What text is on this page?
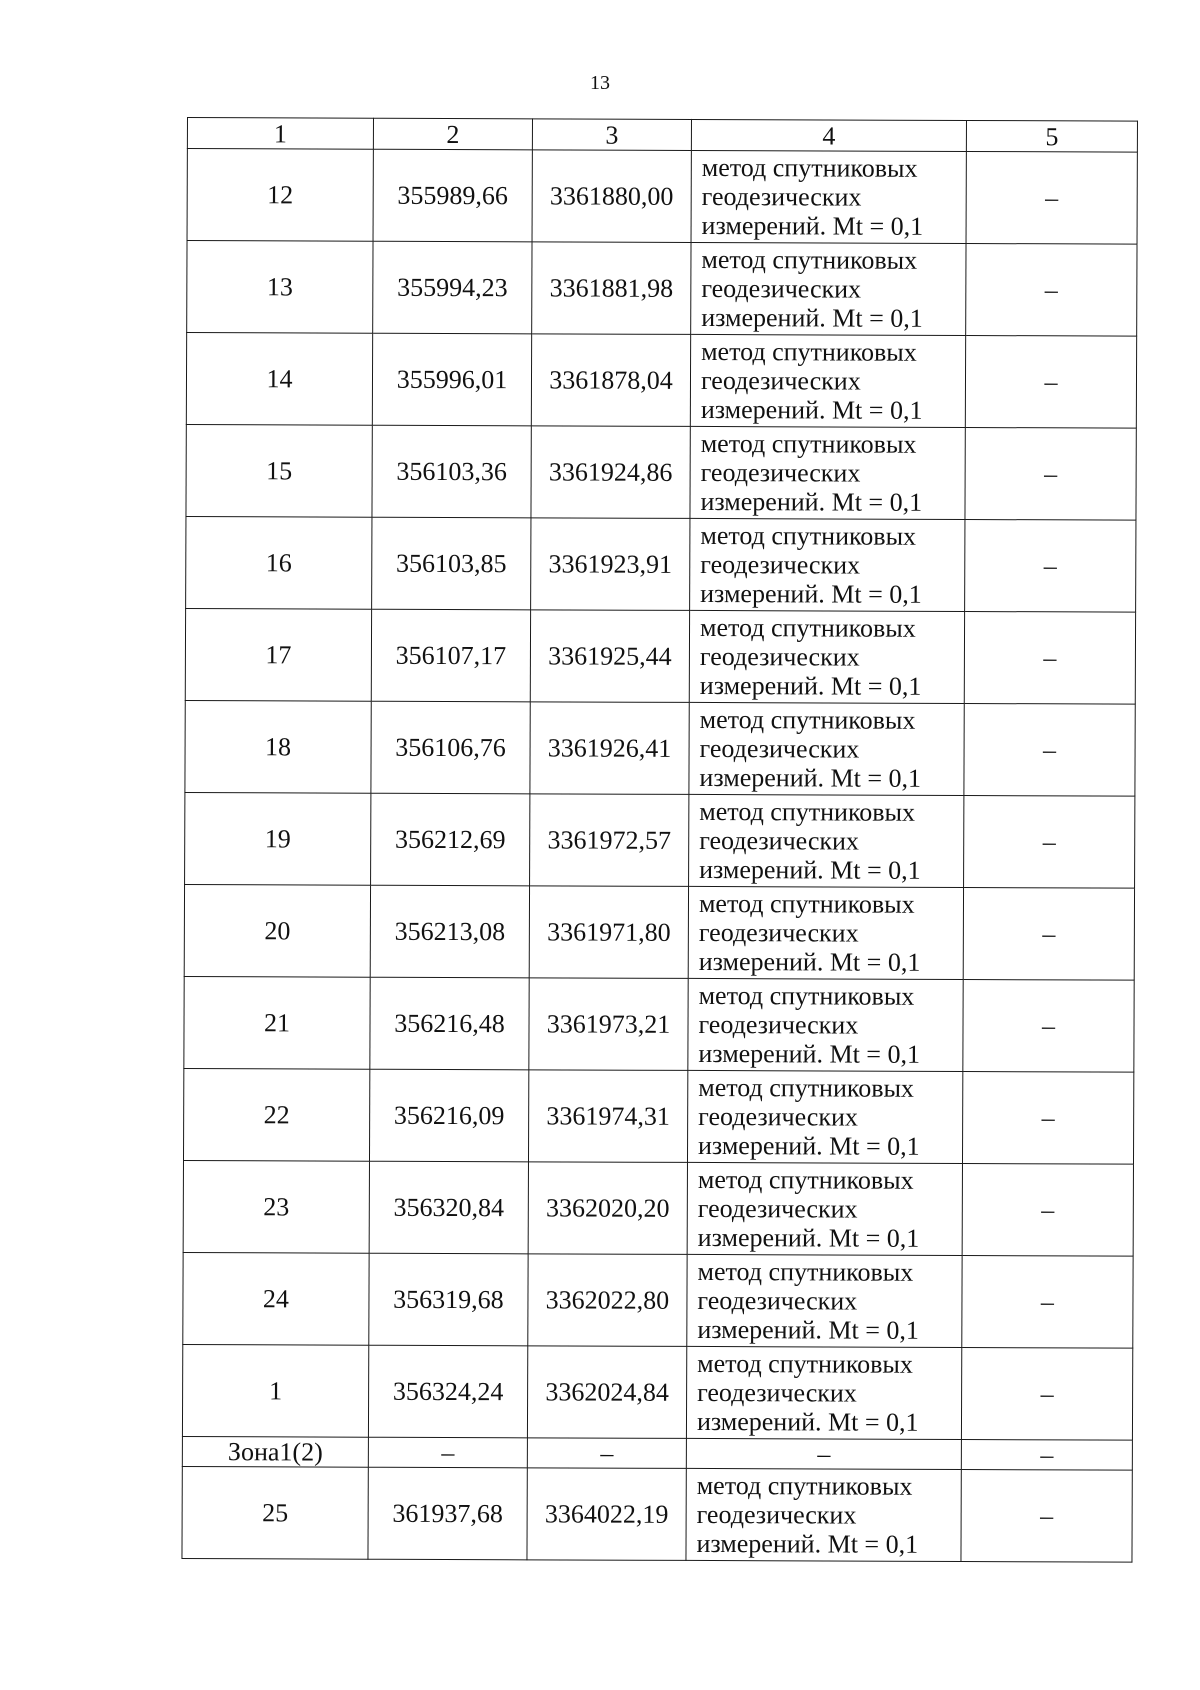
13
1	2	3	4	5
12	355989,66	3361880,00	метод спутниковых
геодезических
измерений. Mt = 0,1	–
13	355994,23	3361881,98	метод спутниковых
геодезических
измерений. Mt = 0,1	–
14	355996,01	3361878,04	метод спутниковых
геодезических
измерений. Mt = 0,1	–
15	356103,36	3361924,86	метод спутниковых
геодезических
измерений. Mt = 0,1	–
16	356103,85	3361923,91	метод спутниковых
геодезических
измерений. Mt = 0,1	–
17	356107,17	3361925,44	метод спутниковых
геодезических
измерений. Mt = 0,1	–
18	356106,76	3361926,41	метод спутниковых
геодезических
измерений. Mt = 0,1	–
19	356212,69	3361972,57	метод спутниковых
геодезических
измерений. Mt = 0,1	–
20	356213,08	3361971,80	метод спутниковых
геодезических
измерений. Mt = 0,1	–
21	356216,48	3361973,21	метод спутниковых
геодезических
измерений. Mt = 0,1	–
22	356216,09	3361974,31	метод спутниковых
геодезических
измерений. Mt = 0,1	–
23	356320,84	3362020,20	метод спутниковых
геодезических
измерений. Mt = 0,1	–
24	356319,68	3362022,80	метод спутниковых
геодезических
измерений. Mt = 0,1	–
1	356324,24	3362024,84	метод спутниковых
геодезических
измерений. Mt = 0,1	–
Зона1(2)	–	–	–	–
25	361937,68	3364022,19	метод спутниковых
геодезических
измерений. Mt = 0,1	–
